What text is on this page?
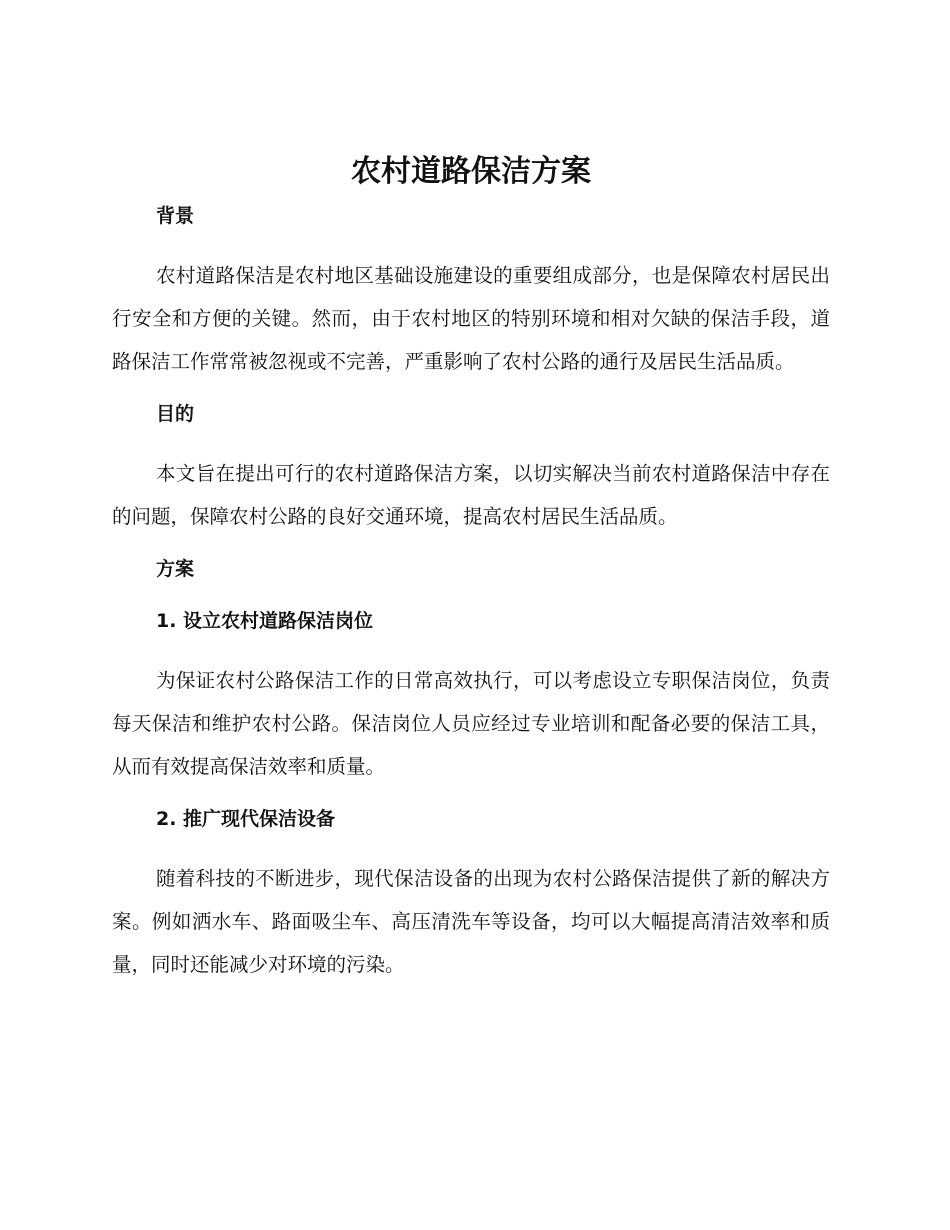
农村道路保洁方案
背景

农村道路保洁是农村地区基础设施建设的重要组成部分，也是保障农村居民出行安全和方便的关键。然而，由于农村地区的特别环境和相对欠缺的保洁手段，道路保洁工作常常被忽视或不完善，严重影响了农村公路的通行及居民生活品质。

目的

本文旨在提出可行的农村道路保洁方案，以切实解决当前农村道路保洁中存在的问题，保障农村公路的良好交通环境，提高农村居民生活品质。

方案
1. 设立农村道路保洁岗位

为保证农村公路保洁工作的日常高效执行，可以考虑设立专职保洁岗位，负责每天保洁和维护农村公路。保洁岗位人员应经过专业培训和配备必要的保洁工具，从而有效提高保洁效率和质量。

2. 推广现代保洁设备

随着科技的不断进步，现代保洁设备的出现为农村公路保洁提供了新的解决方案。例如洒水车、路面吸尘车、高压清洗车等设备，均可以大幅提高清洁效率和质量，同时还能减少对环境的污染。
